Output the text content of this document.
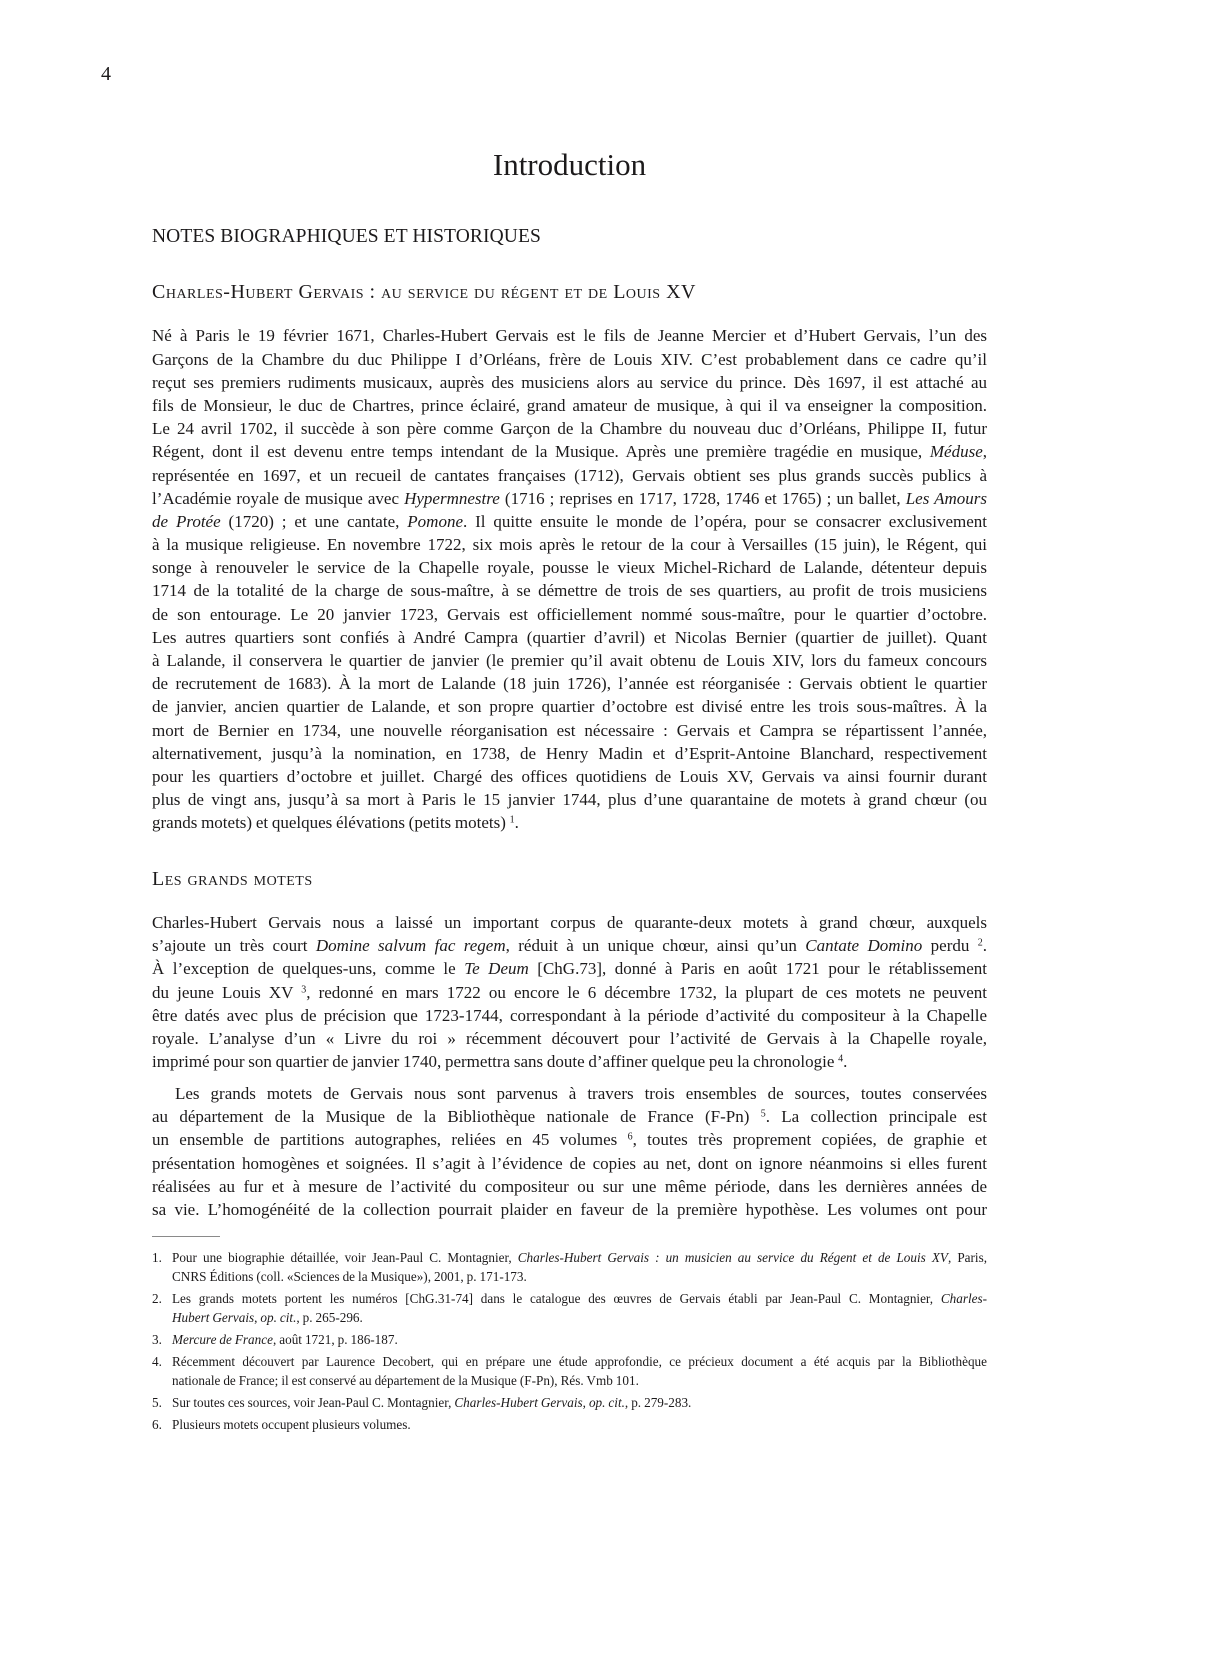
4
Introduction
NOTES BIOGRAPHIQUES ET HISTORIQUES
Charles-Hubert Gervais : au service du régent et de Louis XV
Né à Paris le 19 février 1671, Charles-Hubert Gervais est le fils de Jeanne Mercier et d’Hubert Gervais, l’un des
Garçons de la Chambre du duc Philippe I d’Orléans, frère de Louis XIV. C’est probablement dans ce cadre qu’il
reçut ses premiers rudiments musicaux, auprès des musiciens alors au service du prince. Dès 1697, il est attaché au
fils de Monsieur, le duc de Chartres, prince éclairé, grand amateur de musique, à qui il va enseigner la composition.
Le 24 avril 1702, il succède à son père comme Garçon de la Chambre du nouveau duc d’Orléans, Philippe II, futur
Régent, dont il est devenu entre temps intendant de la Musique. Après une première tragédie en musique, Méduse,
représentée en 1697, et un recueil de cantates françaises (1712), Gervais obtient ses plus grands succès publics à
l’Académie royale de musique avec Hypermnestre (1716 ; reprises en 1717, 1728, 1746 et 1765) ; un ballet, Les Amours
de Protée (1720) ; et une cantate, Pomone. Il quitte ensuite le monde de l’opéra, pour se consacrer exclusivement
à la musique religieuse. En novembre 1722, six mois après le retour de la cour à Versailles (15 juin), le Régent, qui
songe à renouveler le service de la Chapelle royale, pousse le vieux Michel-Richard de Lalande, détenteur depuis
1714 de la totalité de la charge de sous-maître, à se démettre de trois de ses quartiers, au profit de trois musiciens
de son entourage. Le 20 janvier 1723, Gervais est officiellement nommé sous-maître, pour le quartier d’octobre.
Les autres quartiers sont confiés à André Campra (quartier d’avril) et Nicolas Bernier (quartier de juillet). Quant
à Lalande, il conservera le quartier de janvier (le premier qu’il avait obtenu de Louis XIV, lors du fameux concours
de recrutement de 1683). À la mort de Lalande (18 juin 1726), l’année est réorganisée : Gervais obtient le quartier
de janvier, ancien quartier de Lalande, et son propre quartier d’octobre est divisé entre les trois sous-maîtres. À la
mort de Bernier en 1734, une nouvelle réorganisation est nécessaire : Gervais et Campra se répartissent l’année,
alternativement, jusqu’à la nomination, en 1738, de Henry Madin et d’Esprit-Antoine Blanchard, respectivement
pour les quartiers d’octobre et juillet. Chargé des offices quotidiens de Louis XV, Gervais va ainsi fournir durant
plus de vingt ans, jusqu’à sa mort à Paris le 15 janvier 1744, plus d’une quarantaine de motets à grand chœur (ou
grands motets) et quelques élévations (petits motets) $^1$.
Les grands motets
Charles-Hubert Gervais nous a laissé un important corpus de quarante-deux motets à grand chœur, auxquels
s’ajoute un très court Domine salvum fac regem, réduit à un unique chœur, ainsi qu’un Cantate Domino perdu $^2$.
À l’exception de quelques-uns, comme le Te Deum [ChG.73], donné à Paris en août 1721 pour le rétablissement
du jeune Louis XV $^3$, redonné en mars 1722 ou encore le 6 décembre 1732, la plupart de ces motets ne peuvent
être datés avec plus de précision que 1723-1744, correspondant à la période d’activité du compositeur à la Chapelle
royale. L’analyse d’un « Livre du roi » récemment découvert pour l’activité de Gervais à la Chapelle royale,
imprimé pour son quartier de janvier 1740, permettra sans doute d’affiner quelque peu la chronologie $^4$.
Les grands motets de Gervais nous sont parvenus à travers trois ensembles de sources, toutes conservées
au département de la Musique de la Bibliothèque nationale de France (F-Pn) $^5$. La collection principale est
un ensemble de partitions autographes, reliées en 45 volumes $^6$, toutes très proprement copiées, de graphie et
présentation homogènes et soignées. Il s’agit à l’évidence de copies au net, dont on ignore néanmoins si elles furent
réalisées au fur et à mesure de l’activité du compositeur ou sur une même période, dans les dernières années de
sa vie. L’homogénéité de la collection pourrait plaider en faveur de la première hypothèse. Les volumes ont pour
1. Pour une biographie détaillée, voir Jean-Paul C. Montagnier, Charles-Hubert Gervais : un musicien au service du Régent et de Louis XV, Paris,
CNRS Éditions (coll. «Sciences de la Musique»), 2001, p. 171-173.
2. Les grands motets portent les numéros [ChG.31-74] dans le catalogue des œuvres de Gervais établi par Jean-Paul C. Montagnier, Charles-
Hubert Gervais, op. cit., p. 265-296.
3. Mercure de France, août 1721, p. 186-187.
4. Récemment découvert par Laurence Decobert, qui en prépare une étude approfondie, ce précieux document a été acquis par la Bibliothèque
nationale de France; il est conservé au département de la Musique (F-Pn), Rés. Vmb 101.
5. Sur toutes ces sources, voir Jean-Paul C. Montagnier, Charles-Hubert Gervais, op. cit., p. 279-283.
6. Plusieurs motets occupent plusieurs volumes.
